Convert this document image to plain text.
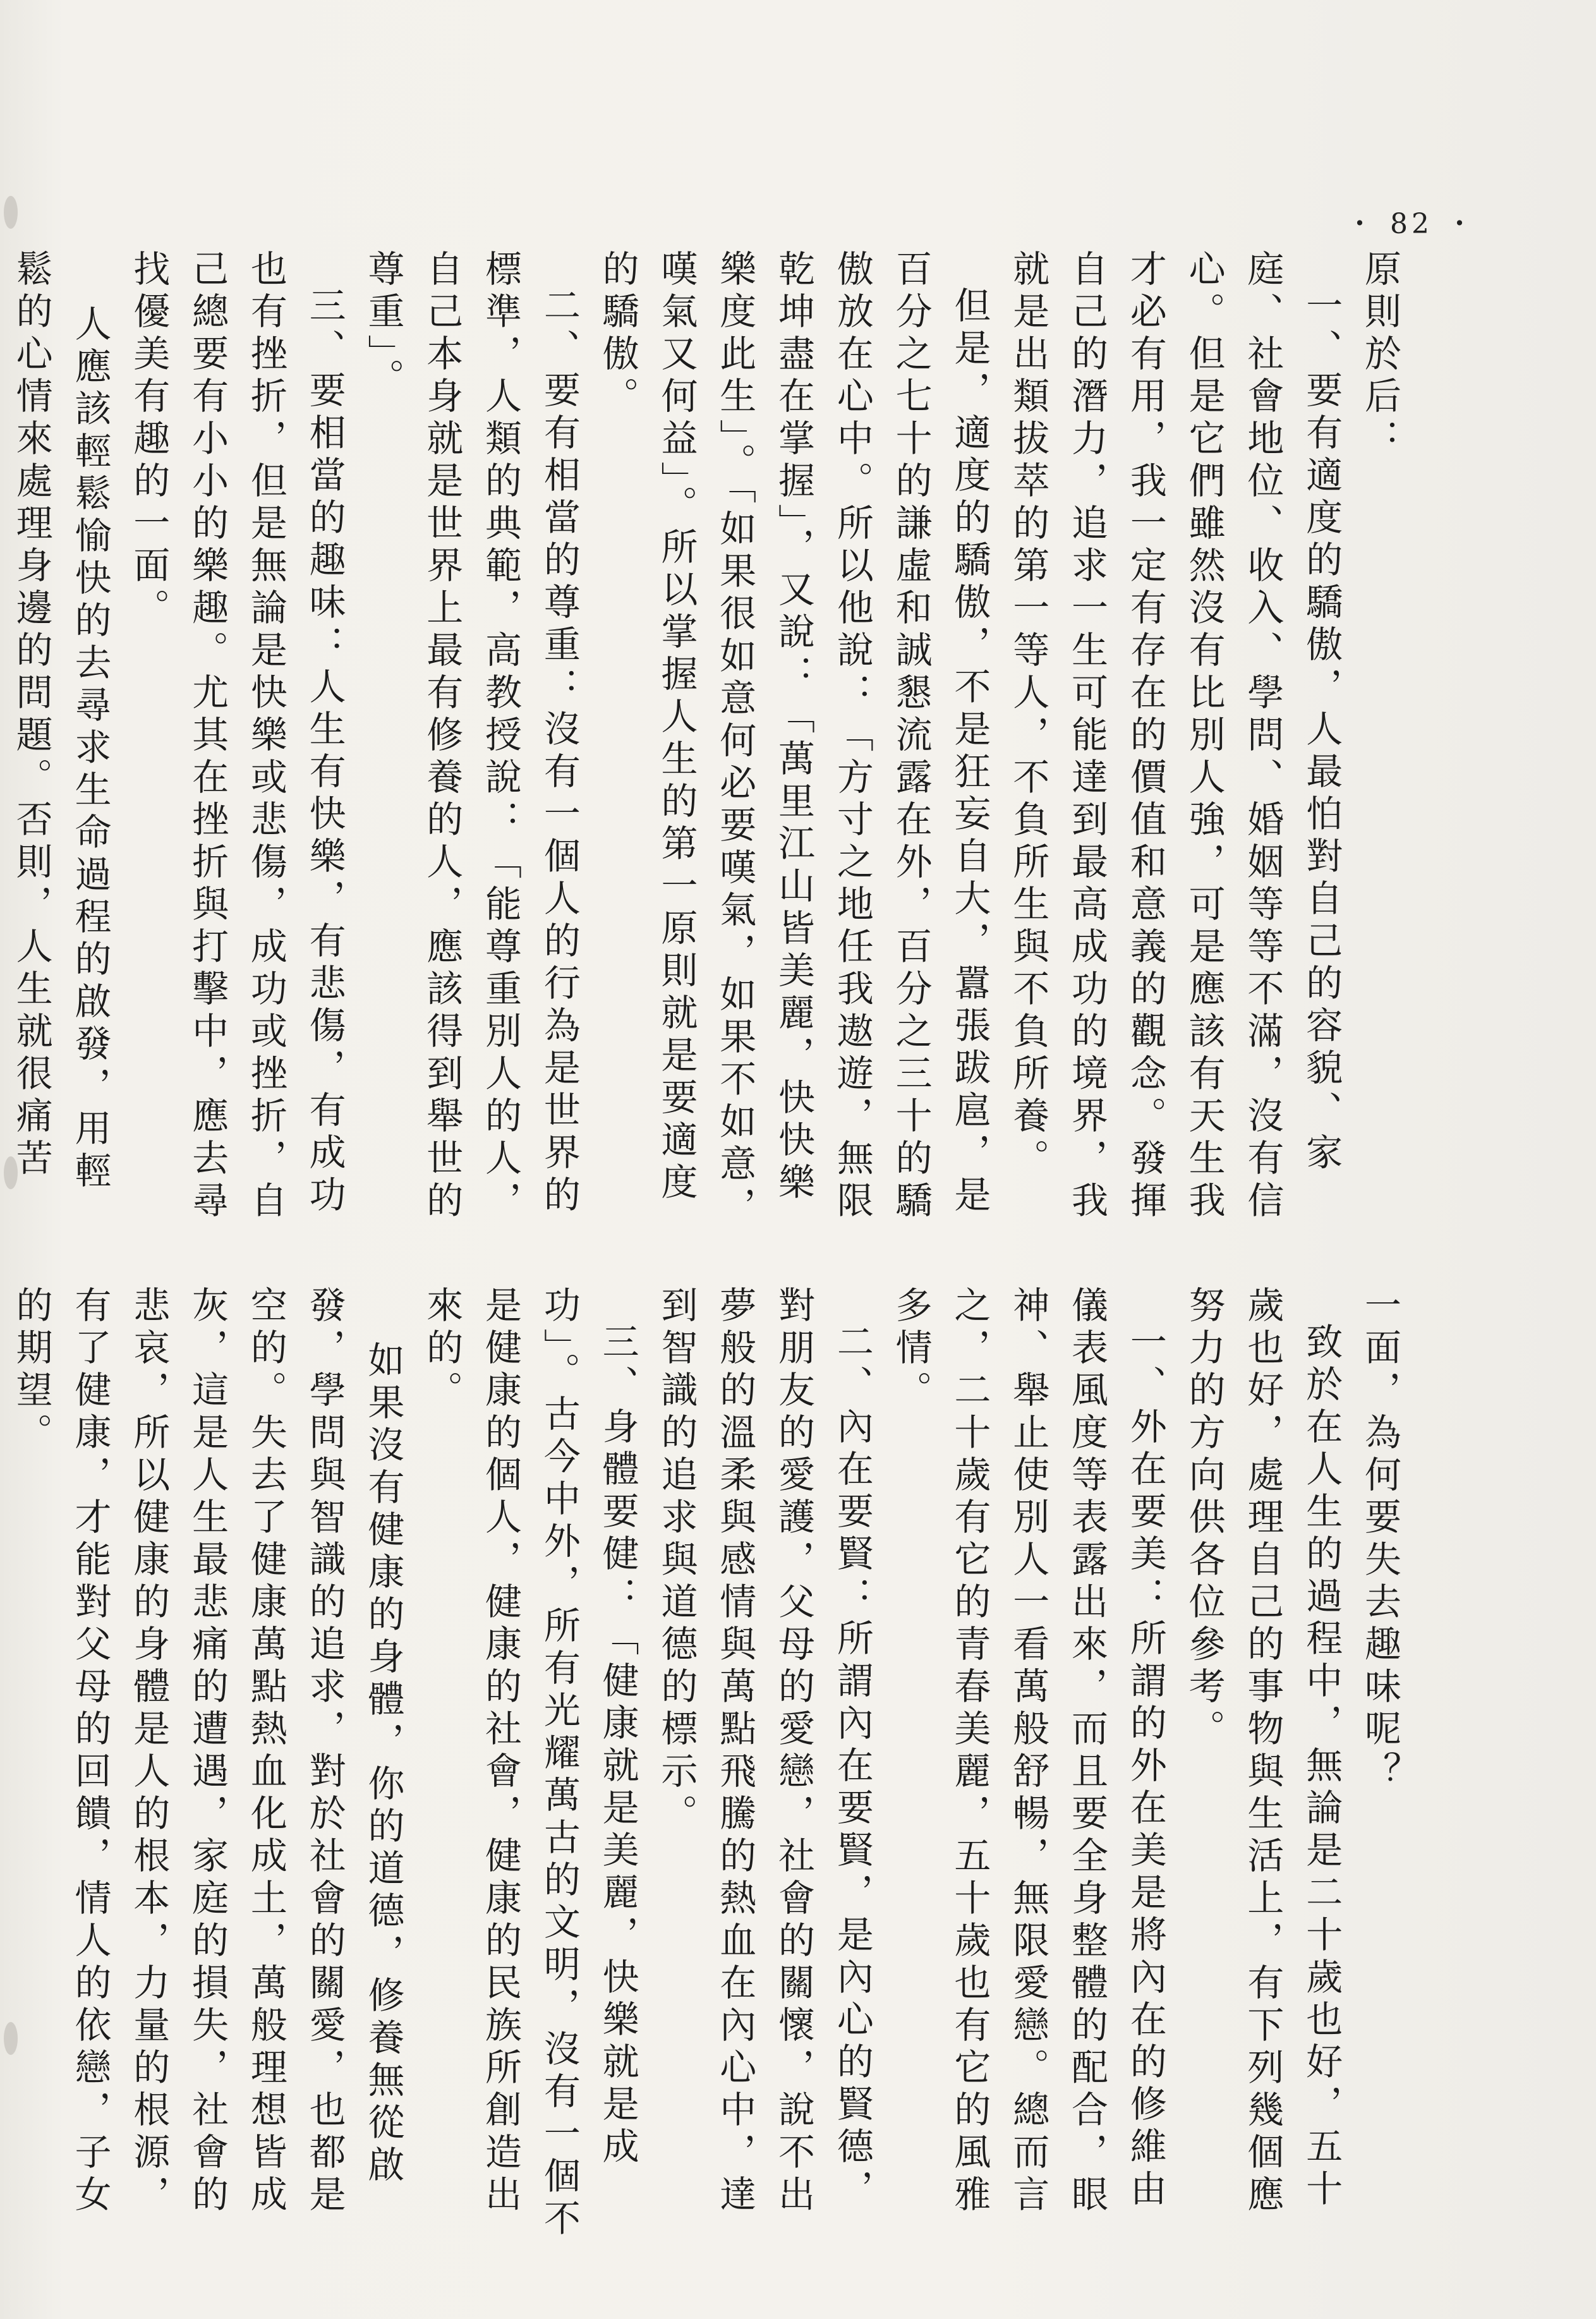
・ 82 ・

原則於后：

一、要有適度的驕傲，人最怕對自己的容貌、家庭、社會地位、收入、學問、婚姻等等不滿，沒有信心。但是它們雖然沒有比別人強，可是應該有天生我才必有用，我一定有存在的價值和意義的觀念。發揮自己的潛力，追求一生可能達到最高成功的境界，我就是出類拔萃的第一等人，不負所生與不負所養。

但是，適度的驕傲，不是狂妄自大，囂張跋扈，是百分之七十的謙虛和誠懇流露在外，百分之三十的驕傲放在心中。所以他說：「方寸之地任我遨遊，無限乾坤盡在掌握」，又說：「萬里江山皆美麗，快快樂樂度此生」。「如果很如意何必要嘆氣，如果不如意，嘆氣又何益」。所以掌握人生的第一原則就是要適度的驕傲。

二、要有相當的尊重：沒有一個人的行為是世界的標準，人類的典範，高教授說：「能尊重別人的人，自己本身就是世界上最有修養的人，應該得到舉世的尊重」。

三、要相當的趣味：人生有快樂，有悲傷，有成功也有挫折，但是無論是快樂或悲傷，成功或挫折，自己總要有小小的樂趣。尤其在挫折與打擊中，應去尋找優美有趣的一面。

人應該輕鬆愉快的去尋求生命過程的啟發，用輕鬆的心情來處理身邊的問題。否則，人生就很痛苦

一面，為何要失去趣味呢？

致於在人生的過程中，無論是二十歲也好，五十歲也好，處理自己的事物與生活上，有下列幾個應努力的方向供各位參考。

一、外在要美：所謂的外在美是將內在的修維由儀表風度等表露出來，而且要全身整體的配合，眼神、舉止使別人一看萬般舒暢，無限愛戀。總而言之，二十歲有它的青春美麗，五十歲也有它的風雅多情。

二、內在要賢：所謂內在要賢，是內心的賢德，對朋友的愛護，父母的愛戀，社會的關懷，說不出夢般的溫柔與感情與萬點飛騰的熱血在內心中，達到智識的追求與道德的標示。

三、身體要健：「健康就是美麗，快樂就是成功」。古今中外，所有光耀萬古的文明，沒有一個不是健康的個人，健康的社會，健康的民族所創造出來的。

如果沒有健康的身體，你的道德，修養無從啟發，學問與智識的追求，對於社會的關愛，也都是空的。失去了健康萬點熱血化成土，萬般理想皆成灰，這是人生最悲痛的遭遇，家庭的損失，社會的悲哀，所以健康的身體是人的根本，力量的根源，有了健康，才能對父母的回饋，情人的依戀，子女的期望。
